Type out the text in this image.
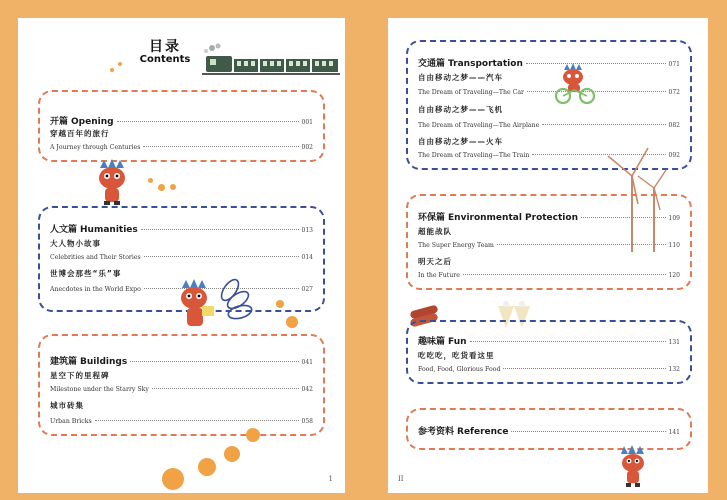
目录
Contents
开篇 Opening	001
穿越百年的旅行
A Journey through Centuries	002
人文篇 Humanities	013
大人物小故事
Celebrities and Their Stories	014
世博会那些“乐”事
Anecdotes in the World Expo	027
建筑篇 Buildings	041
星空下的里程碑
Milestone under the Starry Sky	042
城市砖集
Urban Bricks	058
1
交通篇 Transportation	071
自由移动之梦——汽车
The Dream of Traveling—The Car	072
自由移动之梦——飞机
The Dream of Traveling—The Airplane	082
自由移动之梦——火车
The Dream of Traveling—The Train	092
环保篇 Environmental Protection	109
超能战队
The Super Energy Team	110
明天之后
In the Future	120
趣味篇 Fun	131
吃吃吃，吃货看这里
Food, Food, Glorious Food	132
参考资料 Reference	141
II
